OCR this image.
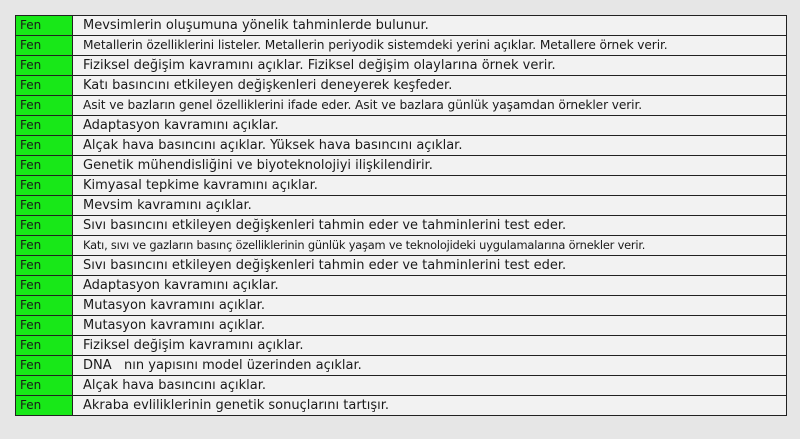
Fen	Mevsimlerin oluşumuna yönelik tahminlerde bulunur.
Fen	Metallerin özelliklerini listeler. Metallerin periyodik sistemdeki yerini açıklar. Metallere örnek verir.
Fen	Fiziksel değişim kavramını açıklar. Fiziksel değişim olaylarına örnek verir.
Fen	Katı basıncını etkileyen değişkenleri deneyerek keşfeder.
Fen	Asit ve bazların genel özelliklerini ifade eder. Asit ve bazlara günlük yaşamdan örnekler verir.
Fen	Adaptasyon kavramını açıklar.
Fen	Alçak hava basıncını açıklar. Yüksek hava basıncını açıklar.
Fen	Genetik mühendisliğini ve biyoteknolojiyi ilişkilendirir.
Fen	Kimyasal tepkime kavramını açıklar.
Fen	Mevsim kavramını açıklar.
Fen	Sıvı basıncını etkileyen değişkenleri tahmin eder ve tahminlerini test eder.
Fen	Katı, sıvı ve gazların basınç özelliklerinin günlük yaşam ve teknolojideki uygulamalarına örnekler verir.
Fen	Sıvı basıncını etkileyen değişkenleri tahmin eder ve tahminlerini test eder.
Fen	Adaptasyon kavramını açıklar.
Fen	Mutasyon kavramını açıklar.
Fen	Mutasyon kavramını açıklar.
Fen	Fiziksel değişim kavramını açıklar.
Fen	DNA   nın yapısını model üzerinden açıklar.
Fen	Alçak hava basıncını açıklar.
Fen	Akraba evliliklerinin genetik sonuçlarını tartışır.
